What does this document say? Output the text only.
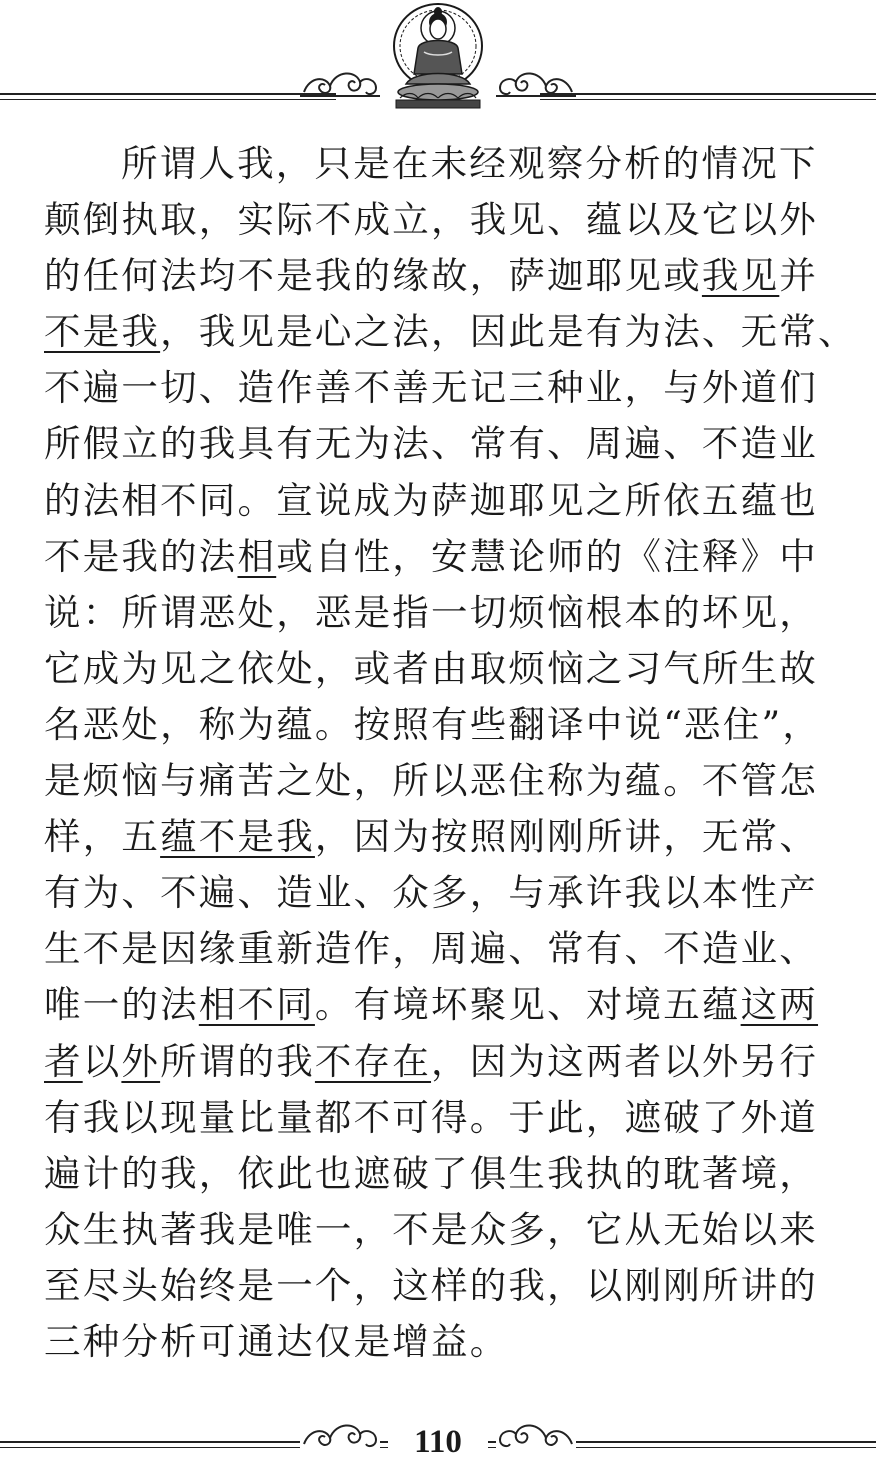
所谓人我，只是在未经观察分析的情况下
颠倒执取，实际不成立，我见、蕴以及它以外
的任何法均不是我的缘故，萨迦耶见或我见并
不是我，我见是心之法，因此是有为法、无常、
不遍一切、造作善不善无记三种业，与外道们
所假立的我具有无为法、常有、周遍、不造业
的法相不同。宣说成为萨迦耶见之所依五蕴也
不是我的法相或自性，安慧论师的《注释》中
说：所谓恶处，恶是指一切烦恼根本的坏见，
它成为见之依处，或者由取烦恼之习气所生故
名恶处，称为蕴。按照有些翻译中说“恶住”，
是烦恼与痛苦之处，所以恶住称为蕴。不管怎
样，五蕴不是我，因为按照刚刚所讲，无常、
有为、不遍、造业、众多，与承许我以本性产
生不是因缘重新造作，周遍、常有、不造业、
唯一的法相不同。有境坏聚见、对境五蕴这两
者以外所谓的我不存在，因为这两者以外另行
有我以现量比量都不可得。于此，遮破了外道
遍计的我，依此也遮破了俱生我执的耽著境，
众生执著我是唯一，不是众多，它从无始以来
至尽头始终是一个，这样的我，以刚刚所讲的
三种分析可通达仅是增益。
110
